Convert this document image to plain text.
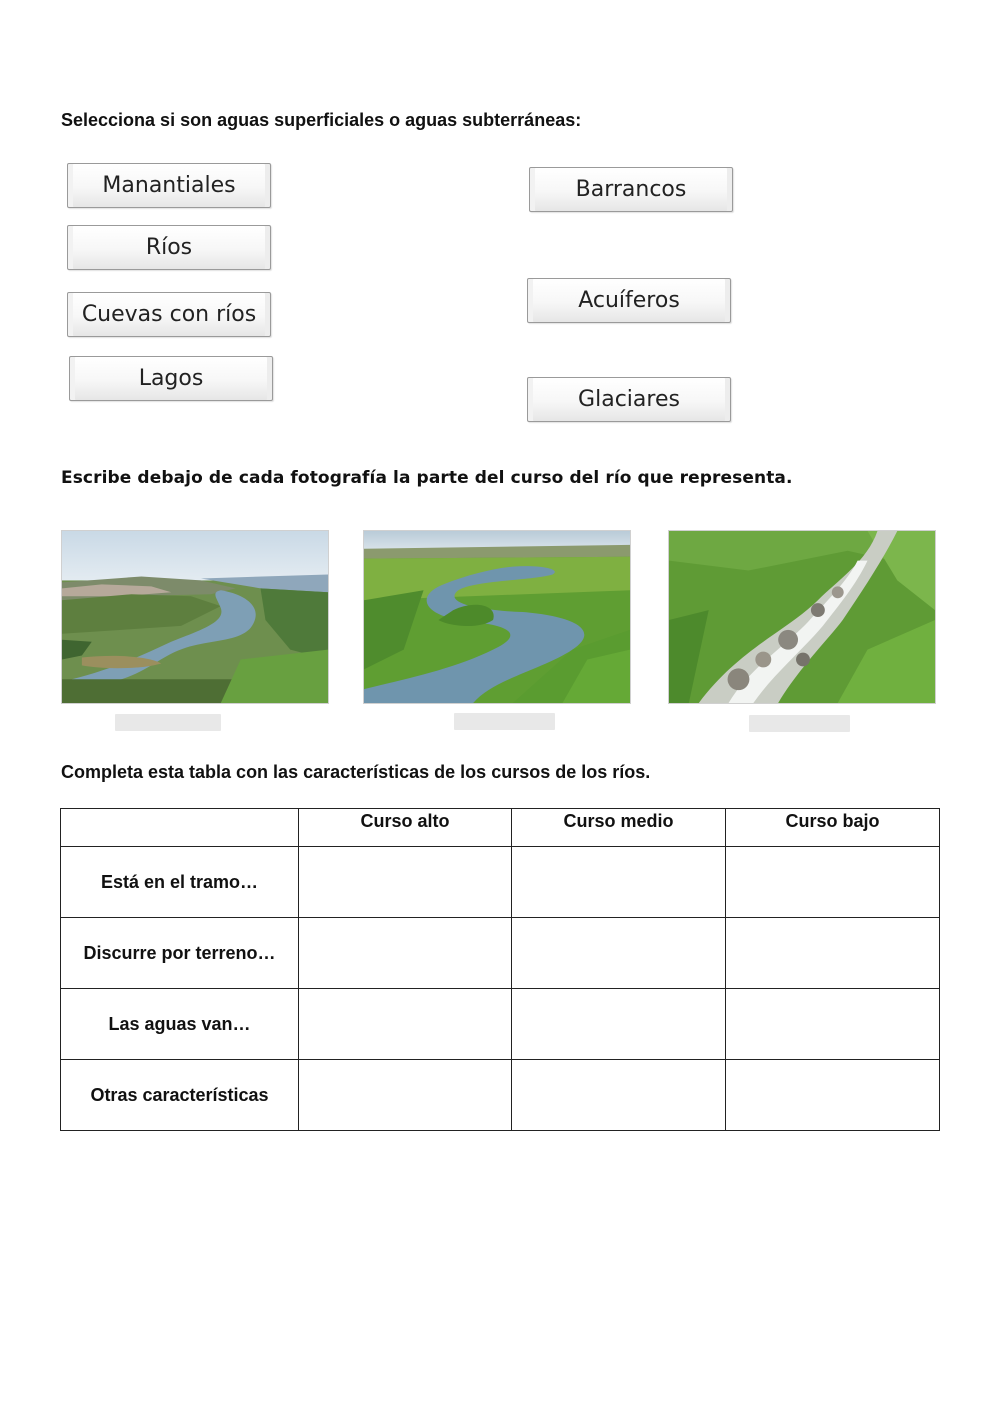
Selecciona si son aguas superficiales o aguas subterráneas:
Manantiales	Barrancos
Ríos
Acuíferos
Cuevas con ríos
Lagos
Glaciares
Escribe debajo de cada fotografía la parte del curso del río que representa.
Completa esta tabla con las características de los cursos de los ríos.
	Curso alto	Curso medio	Curso bajo
Está en el tramo…			
Discurre por terreno…			
Las aguas van…			
Otras características			
